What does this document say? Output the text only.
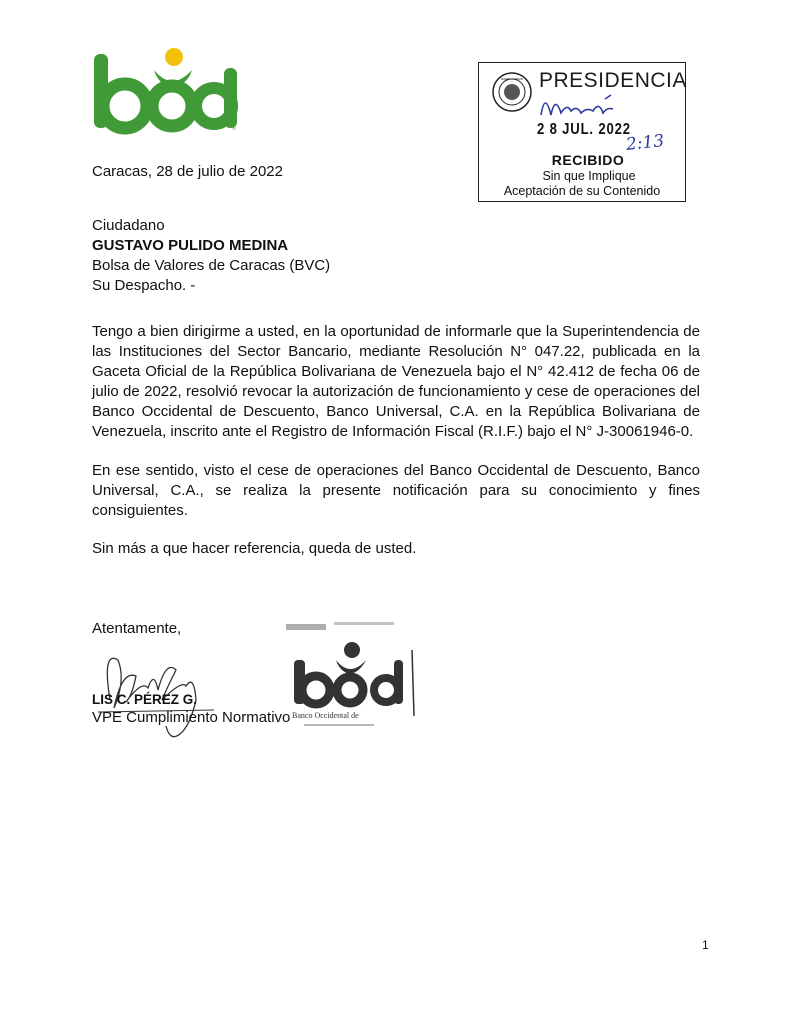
®
PRESIDENCIA
2 8 JUL. 2022
2:13
RECIBIDO
Sin que Implique
Aceptación de su Contenido
Caracas, 28 de julio de 2022
Ciudadano
GUSTAVO PULIDO MEDINA
Bolsa de Valores de Caracas (BVC)
Su Despacho. -
Tengo a bien dirigirme a usted, en la oportunidad de informarle que la Superintendencia de las Instituciones del Sector Bancario, mediante Resolución N° 047.22, publicada en la Gaceta Oficial de la República Bolivariana de Venezuela bajo el N° 42.412 de fecha 06 de julio de 2022, resolvió revocar la autorización de funcionamiento y cese de operaciones del Banco Occidental de Descuento, Banco Universal, C.A. en la República Bolivariana de Venezuela, inscrito ante el Registro de Información Fiscal (R.I.F.) bajo el N° J-30061946-0.
En ese sentido, visto el cese de operaciones del Banco Occidental de Descuento, Banco Universal, C.A., se realiza la presente notificación para su conocimiento y fines consiguientes.
Sin más a que hacer referencia, queda de usted.
Atentamente,
LIS C. PÉREZ G.
VPE Cumplimiento Normativo Banco Occidental de
1
